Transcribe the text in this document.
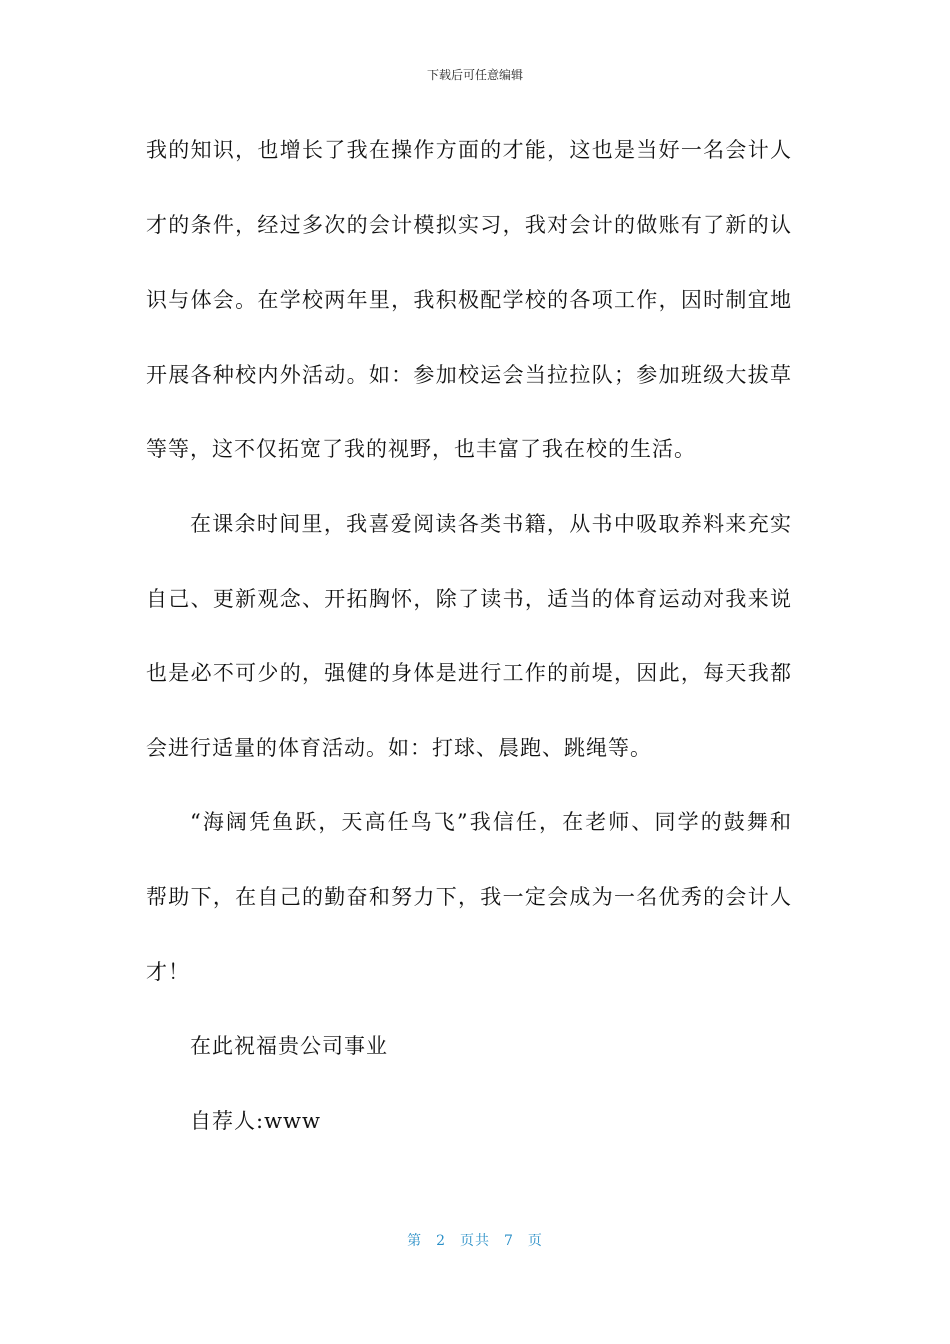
下载后可任意编辑
我的知识，也增长了我在操作方面的才能，这也是当好一名会计人
才的条件，经过多次的会计模拟实习，我对会计的做账有了新的认
识与体会。在学校两年里，我积极配学校的各项工作，因时制宜地
开展各种校内外活动。如：参加校运会当拉拉队；参加班级大拔草
等等，这不仅拓宽了我的视野，也丰富了我在校的生活。
在课余时间里，我喜爱阅读各类书籍，从书中吸取养料来充实
自己、更新观念、开拓胸怀，除了读书，适当的体育运动对我来说
也是必不可少的，强健的身体是进行工作的前堤，因此，每天我都
会进行适量的体育活动。如：打球、晨跑、跳绳等。
“海阔凭鱼跃，天高任鸟飞”我信任，在老师、同学的鼓舞和
帮助下，在自己的勤奋和努力下，我一定会成为一名优秀的会计人
才！
在此祝福贵公司事业
自荐人:www
第 2 页共 7 页
